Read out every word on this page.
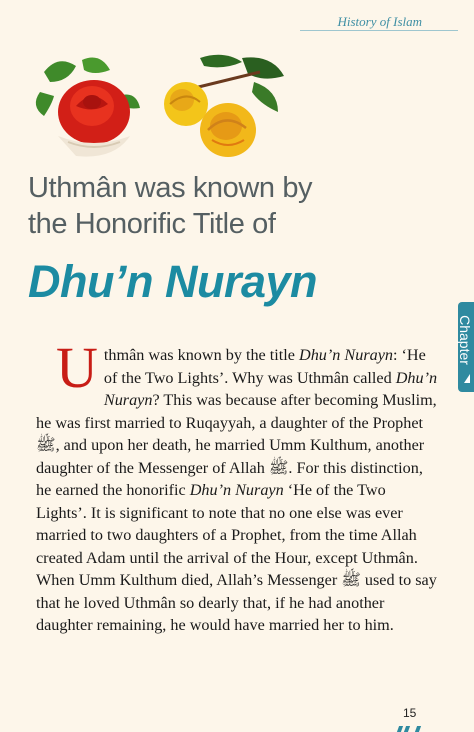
History of Islam
Chapter
Uthmân was known by
the Honorific Title of
Dhu’n Nurayn

Uthmân was known by the title Dhu’n Nurayn: ‘He of the Two Lights’. Why was Uthmân called Dhu’n Nurayn? This was because after becoming Muslim, he was first married to Ruqayyah, a daughter of the Prophet ﷺ, and upon her death, he married Umm Kulthum, another daughter of the Messenger of Allah ﷺ. For this distinction, he earned the honorific Dhu’n Nurayn ‘He of the Two Lights’. It is significant to note that no one else was ever married to two daughters of a Prophet, from the time Allah created Adam until the arrival of the Hour, except Uthmân. When Umm Kulthum died, Allah’s Messenger ﷺ used to say that he loved Uthmân so dearly that, if he had another daughter remaining, he would have married her to him.

15
